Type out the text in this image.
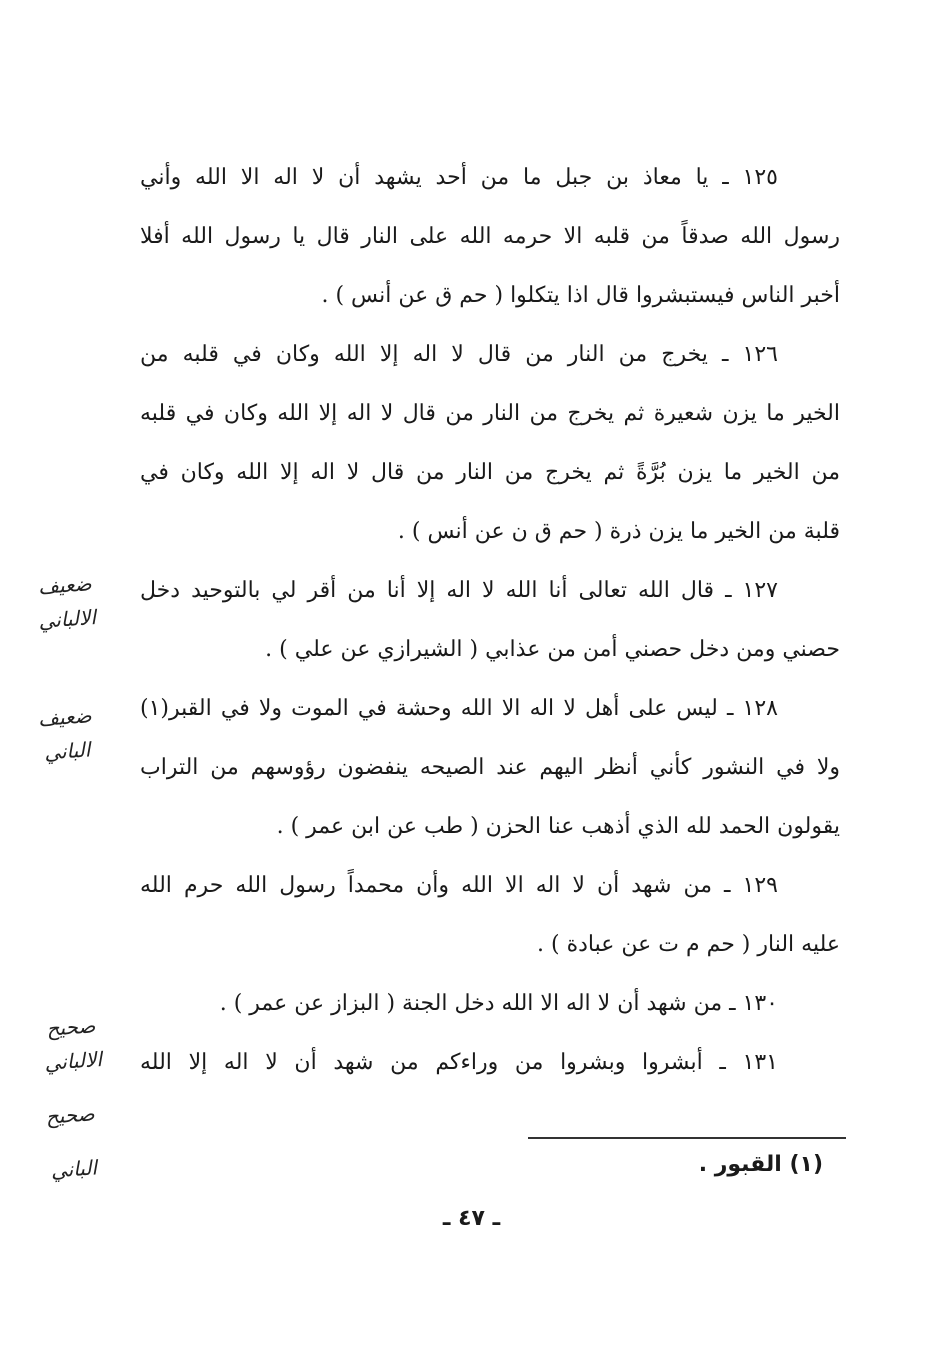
١٢٥ ـ يا معاذ بن جبل ما من أحد يشهد أن لا اله الا الله وأني
رسول الله صدقاً من قلبه الا حرمه الله على النار قال يا رسول الله أفلا
أخبر الناس فيستبشروا قال اذا يتكلوا ( حم ق عن أنس ) .
١٢٦ ـ يخرج من النار من قال لا اله إلا الله وكان في قلبه من
الخير ما يزن شعيرة ثم يخرج من النار من قال لا اله إلا الله وكان في قلبه
من الخير ما يزن بُرَّةً ثم يخرج من النار من قال لا اله إلا الله وكان في
قلبة من الخير ما يزن ذرة ( حم ق ن عن أنس ) .
١٢٧ ـ قال الله تعالى أنا الله لا اله إلا أنا من أقر لي بالتوحيد دخل
حصني ومن دخل حصني أمن من عذابي ( الشيرازي عن علي ) .
١٢٨ ـ ليس على أهل لا اله الا الله وحشة في الموت ولا في القبر(١)
ولا في النشور كأني أنظر اليهم عند الصيحه ينفضون رؤوسهم من التراب
يقولون الحمد لله الذي أذهب عنا الحزن ( طب عن ابن عمر ) .
١٢٩ ـ من شهد أن لا اله الا الله وأن محمداً رسول الله حرم الله
عليه النار ( حم م ت عن عبادة ) .
١٣٠ ـ من شهد أن لا اله الا الله دخل الجنة ( البزاز عن عمر ) .
١٣١ ـ أبشروا وبشروا من وراءكم من شهد أن لا اله إلا الله
ضعيف
الالباني
ضعيف
الباني
صحيح
الالباني
صحيح
الباني	(١) القبور .
ـ ٤٧ ـ
